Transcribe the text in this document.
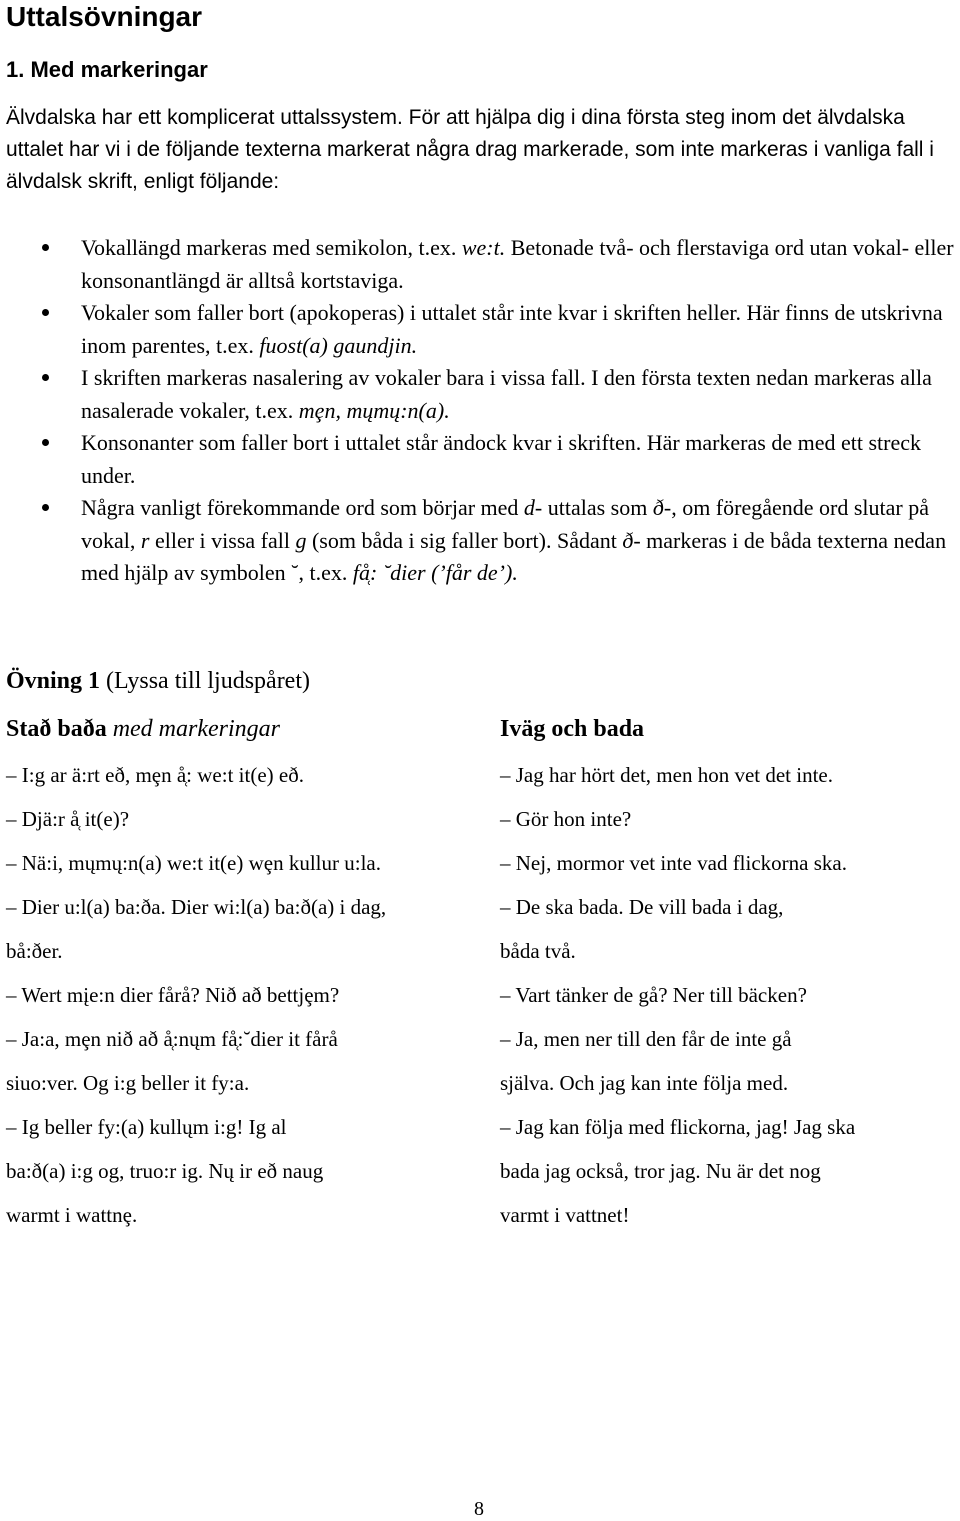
Uttalsövningar
1. Med markeringar

Älvdalska har ett komplicerat uttalssystem. För att hjälpa dig i dina första steg inom det älvdalska uttalet har vi i de följande texterna markerat några drag markerade, som inte markeras i vanliga fall i älvdalsk skrift, enligt följande:

Vokallängd markeras med semikolon, t.ex. we:t. Betonade två- och flerstaviga ord utan vokal- eller konsonantlängd är alltså kortstaviga.
Vokaler som faller bort (apokoperas) i uttalet står inte kvar i skriften heller. Här finns de utskrivna inom parentes, t.ex. fuost(a) gaundjin.
I skriften markeras nasalering av vokaler bara i vissa fall. I den första texten nedan markeras alla nasalerade vokaler, t.ex. mȩn, mųmų:n(a).
Konsonanter som faller bort i uttalet står ändock kvar i skriften. Här markeras de med ett streck under.
Några vanligt förekommande ord som börjar med d- uttalas som ð-, om föregående ord slutar på vokal, r eller i vissa fall g (som båda i sig faller bort). Sådant ð- markeras i de båda texterna nedan med hjälp av symbolen ˘, t.ex. få̜: ˘dier (’får de’).

Övning 1 (Lyssa till ljudspåret)

Stað baða med markeringar	Iväg och bada

– I:g ar ä:rt eð, mȩn å̜: we:t it(e) eð.

– Djä:r å̜ it(e)?

– Nä:i, mųmų:n(a) we:t it(e) wȩn kullur u:la.

– Dier u:l(a) ba:ða. Dier wi:l(a) ba:ð(a) i dag,

bå:ðer.

– Wert mįe:n dier fårå? Nið að bettjȩm?

– Ja:a, mȩn nið að å̜:nųm få̜:˘dier it fårå

siuo:ver. Og i:g beller it fy:a.

– Ig beller fy:(a) kullųm i:g! Ig al

ba:ð(a) i:g og, truo:r ig. Nų ir eð naug

warmt i wattnȩ.

– Jag har hört det, men hon vet det inte.

– Gör hon inte?

– Nej, mormor vet inte vad flickorna ska.

– De ska bada. De vill bada i dag,

båda två.

– Vart tänker de gå? Ner till bäcken?

– Ja, men ner till den får de inte gå

själva. Och jag kan inte följa med.

– Jag kan följa med flickorna, jag! Jag ska

bada jag också, tror jag. Nu är det nog

varmt i vattnet!

8
